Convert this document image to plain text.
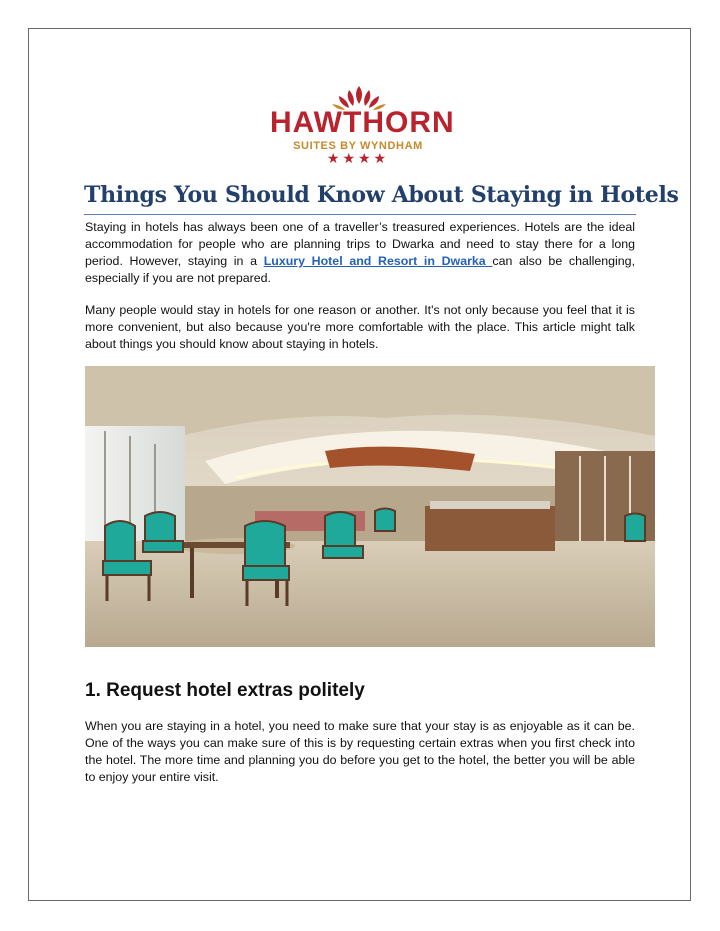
HAWTHORN
SUITES BY WYNDHAM
★★★★
Things You Should Know About Staying in Hotels

Staying in hotels has always been one of a traveller’s treasured experiences. Hotels are the ideal accommodation for people who are planning trips to Dwarka and need to stay there for a long period. However, staying in a Luxury Hotel and Resort in Dwarka can also be challenging, especially if you are not prepared.

Many people would stay in hotels for one reason or another. It's not only because you feel that it is more convenient, but also because you're more comfortable with the place. This article might talk about things you should know about staying in hotels.

1. Request hotel extras politely

When you are staying in a hotel, you need to make sure that your stay is as enjoyable as it can be. One of the ways you can make sure of this is by requesting certain extras when you first check into the hotel. The more time and planning you do before you get to the hotel, the better you will be able to enjoy your entire visit.
